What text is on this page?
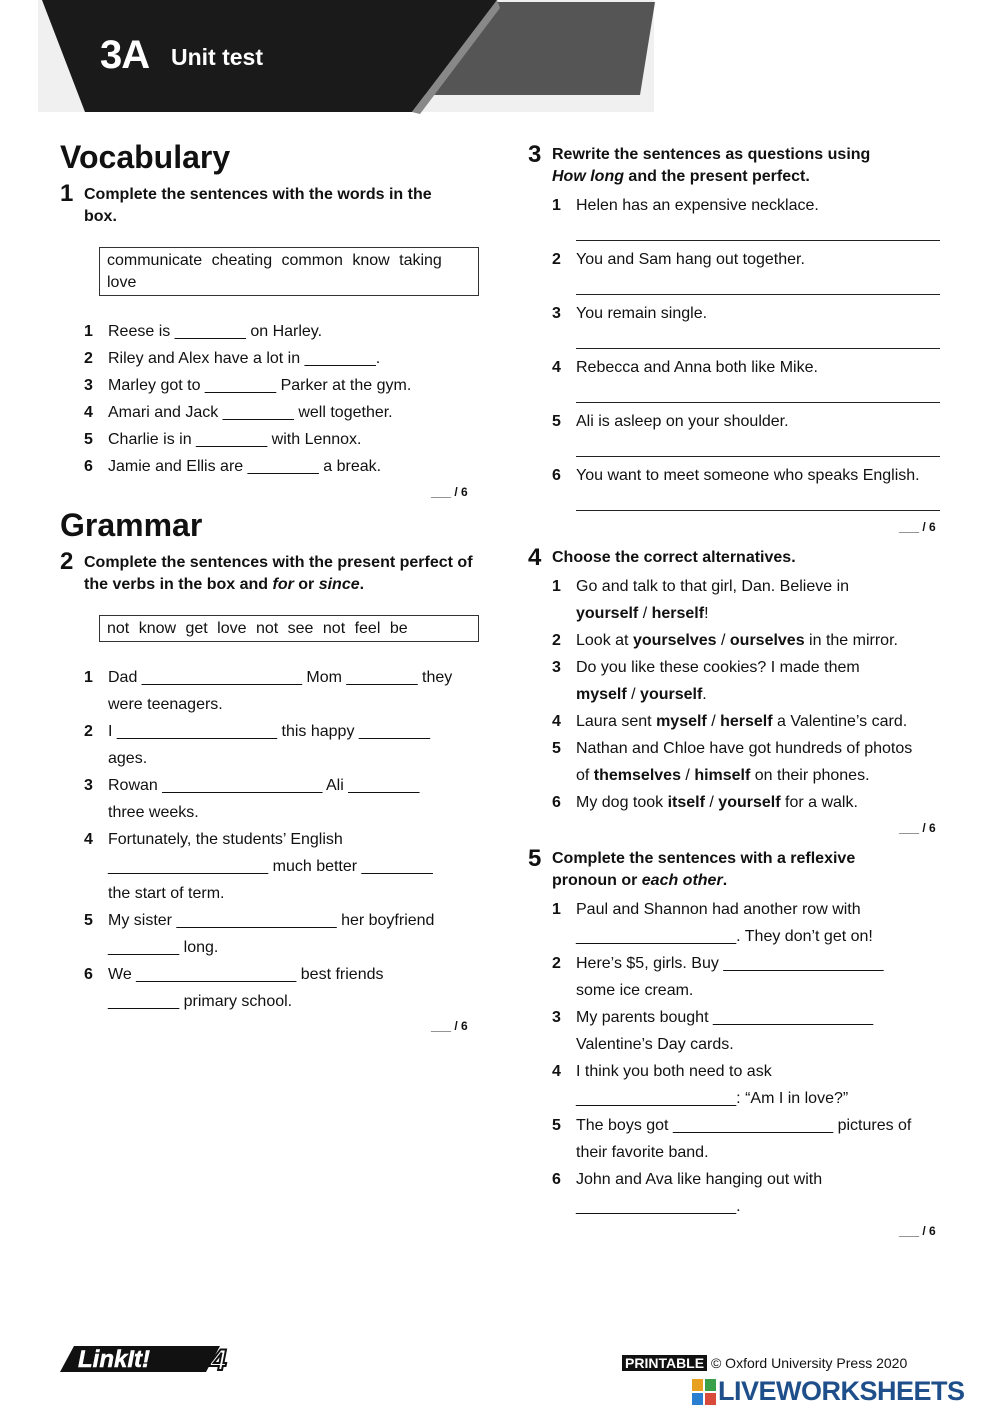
3A Unit test
Vocabulary
1 Complete the sentences with the words in the box.
communicate cheating common know taking love
1 Reese is ________ on Harley.
2 Riley and Alex have a lot in ________.
3 Marley got to ________ Parker at the gym.
4 Amari and Jack ________ well together.
5 Charlie is in ________ with Lennox.
6 Jamie and Ellis are ________ a break.
___ / 6
Grammar
2 Complete the sentences with the present perfect of the verbs in the box and for or since.
not know get love not see not feel be
1 Dad __________________ Mom ________ they
were teenagers.
2 I __________________ this happy ________
ages.
3 Rowan __________________ Ali ________
three weeks.
4 Fortunately, the students’ English
__________________ much better ________
the start of term.
5 My sister __________________ her boyfriend
________ long.
6 We __________________ best friends
________ primary school.
___ / 6
3 Rewrite the sentences as questions using
How long and the present perfect.
1 Helen has an expensive necklace.
2 You and Sam hang out together.
3 You remain single.
4 Rebecca and Anna both like Mike.
5 Ali is asleep on your shoulder.
6 You want to meet someone who speaks English.
___ / 6
4 Choose the correct alternatives.
1 Go and talk to that girl, Dan. Believe in
yourself / herself!
2 Look at yourselves / ourselves in the mirror.
3 Do you like these cookies? I made them
myself / yourself.
4 Laura sent myself / herself a Valentine’s card.
5 Nathan and Chloe have got hundreds of photos
of themselves / himself on their phones.
6 My dog took itself / yourself for a walk.
___ / 6
5 Complete the sentences with a reflexive
pronoun or each other.
1 Paul and Shannon had another row with
__________________. They don’t get on!
2 Here’s $5, girls. Buy __________________
some ice cream.
3 My parents bought __________________
Valentine’s Day cards.
4 I think you both need to ask
__________________: “Am I in love?”
5 The boys got __________________ pictures of
their favorite band.
6 John and Ava like hanging out with
__________________.
___ / 6
LinkIt! 4	PRINTABLE © Oxford University Press 2020
LIVEWORKSHEETS
